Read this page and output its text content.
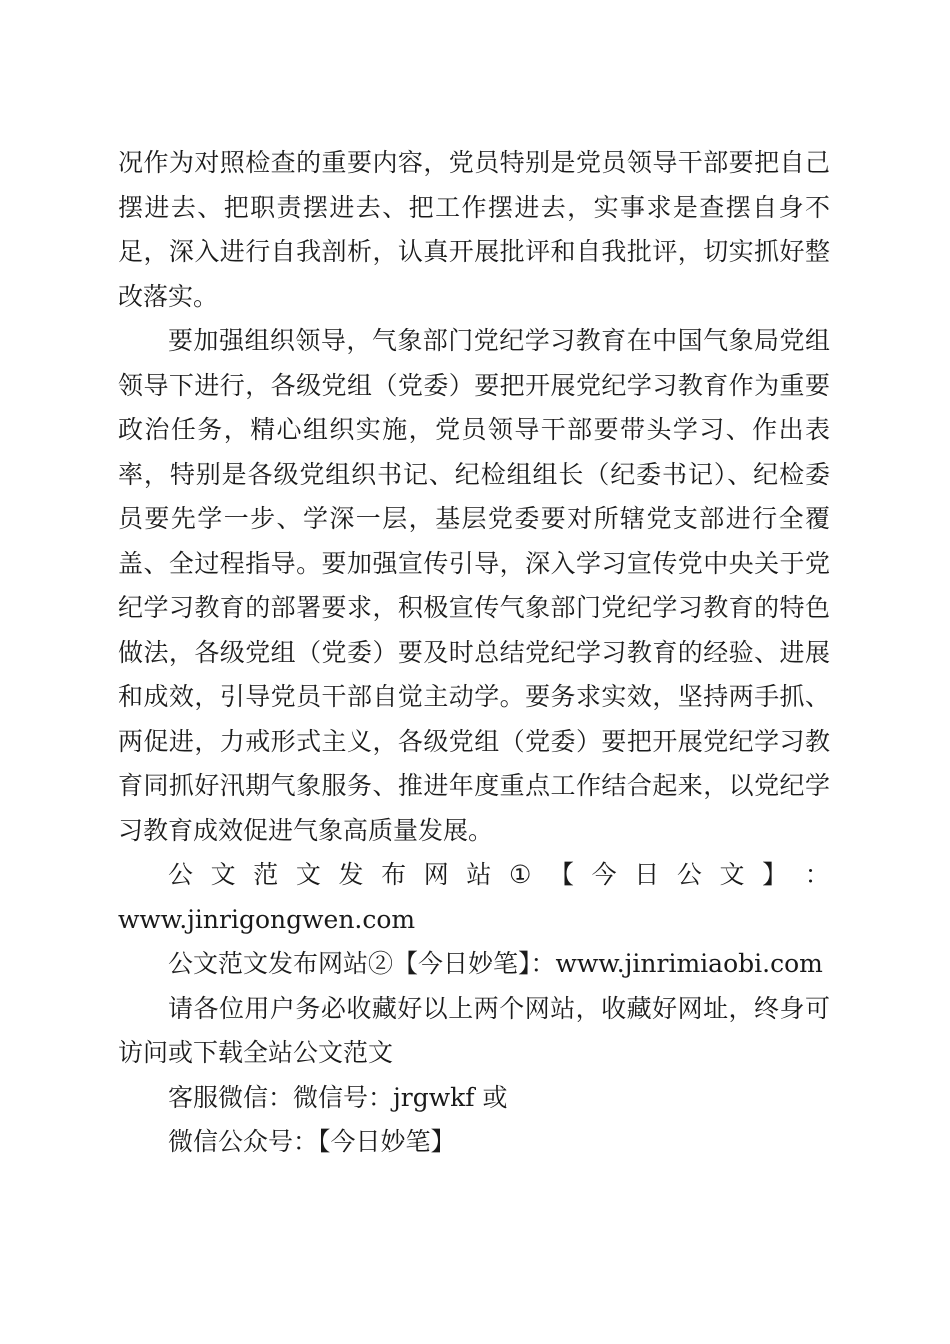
况作为对照检查的重要内容，党员特别是党员领导干部要把自己摆进去、把职责摆进去、把工作摆进去，实事求是查摆自身不足，深入进行自我剖析，认真开展批评和自我批评，切实抓好整改落实。

要加强组织领导，气象部门党纪学习教育在中国气象局党组领导下进行，各级党组（党委）要把开展党纪学习教育作为重要政治任务，精心组织实施，党员领导干部要带头学习、作出表率，特别是各级党组织书记、纪检组组长（纪委书记）、纪检委员要先学一步、学深一层，基层党委要对所辖党支部进行全覆盖、全过程指导。要加强宣传引导，深入学习宣传党中央关于党纪学习教育的部署要求，积极宣传气象部门党纪学习教育的特色做法，各级党组（党委）要及时总结党纪学习教育的经验、进展和成效，引导党员干部自觉主动学。要务求实效，坚持两手抓、两促进，力戒形式主义，各级党组（党委）要把开展党纪学习教育同抓好汛期气象服务、推进年度重点工作结合起来，以党纪学习教育成效促进气象高质量发展。

公 文 范 文 发 布 网 站 ① 【 今 日 公 文 】 ：
www.jinrigongwen.com
公文范文发布网站②【今日妙笔】：www.jinrimiaobi.com

请各位用户务必收藏好以上两个网站，收藏好网址，终身可访问或下载全站公文范文

客服微信：微信号：jrgwkf 或
微信公众号：【今日妙笔】
